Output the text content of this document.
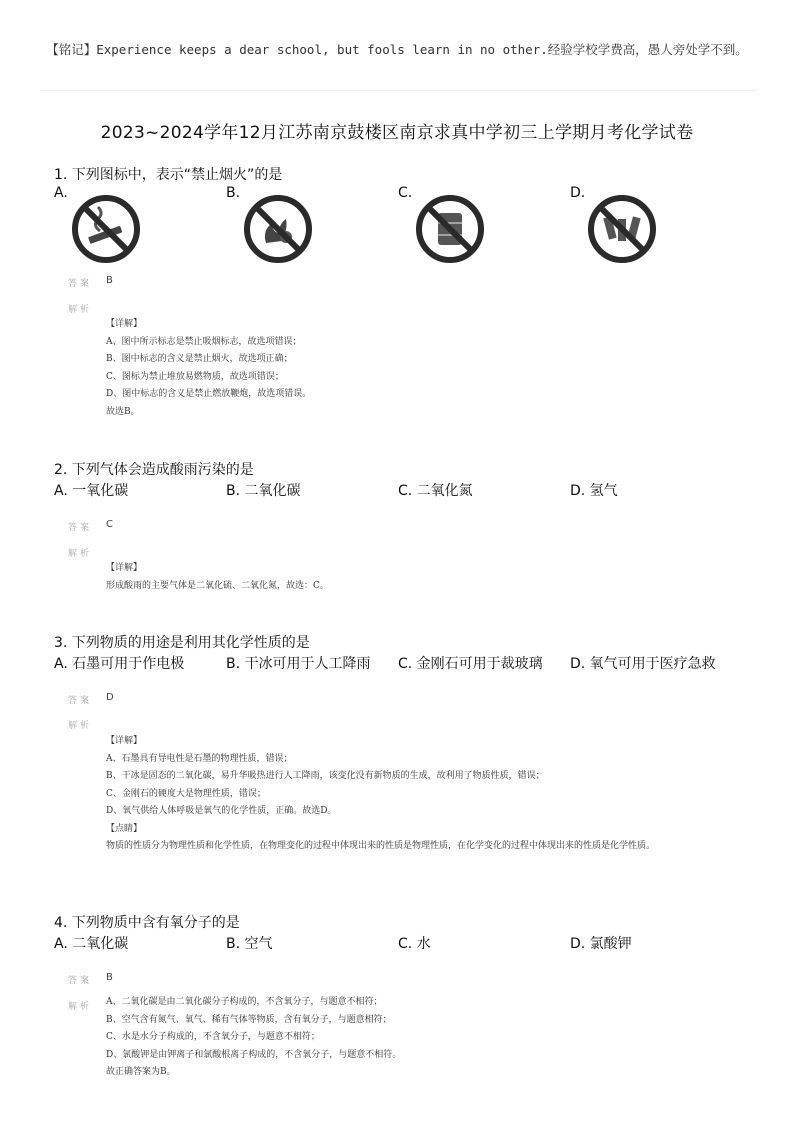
【铭记】Experience keeps a dear school, but fools learn in no other.经验学校学费高，愚人旁处学不到。
2023~2024学年12月江苏南京鼓楼区南京求真中学初三上学期月考化学试卷
1. 下列图标中，表示“禁止烟火”的是
A.	B.	C.	D.
答案 B
解析
【详解】
A、图中所示标志是禁止吸烟标志，故选项错误；
B、图中标志的含义是禁止烟火，故选项正确；
C、图标为禁止堆放易燃物质，故选项错误；
D、图中标志的含义是禁止燃放鞭炮，故选项错误。
故选B。
2. 下列气体会造成酸雨污染的是
A. 一氧化碳	B. 二氧化碳	C. 二氧化氮	D. 氢气
答案 C
解析
【详解】
形成酸雨的主要气体是二氧化硫、二氧化氮，故选：C。
3. 下列物质的用途是利用其化学性质的是
A. 石墨可用于作电极	B. 干冰可用于人工降雨 C. 金刚石可用于裁玻璃 D. 氧气可用于医疗急救
答案 D
解析
【详解】
A、石墨具有导电性是石墨的物理性质，错误；
B、干冰是固态的二氧化碳，易升华吸热进行人工降雨，该变化没有新物质的生成，故利用了物质性质，错误；
C、金刚石的硬度大是物理性质，错误；
D、氧气供给人体呼吸是氧气的化学性质，正确。故选D。
【点睛】
物质的性质分为物理性质和化学性质，在物理变化的过程中体现出来的性质是物理性质，在化学变化的过程中体现出来的性质是化学性质。
4. 下列物质中含有氧分子的是
A. 二氧化碳	B. 空气	C. 水	D. 氯酸钾
答案 B
解析 A、二氧化碳是由二氧化碳分子构成的，不含氧分子，与题意不相符；
B、空气含有氮气、氧气、稀有气体等物质，含有氧分子，与题意相符；
C、水是水分子构成的，不含氧分子，与题意不相符；
D、氯酸钾是由钾离子和氯酸根离子构成的，不含氧分子，与题意不相符。
故正确答案为B。
